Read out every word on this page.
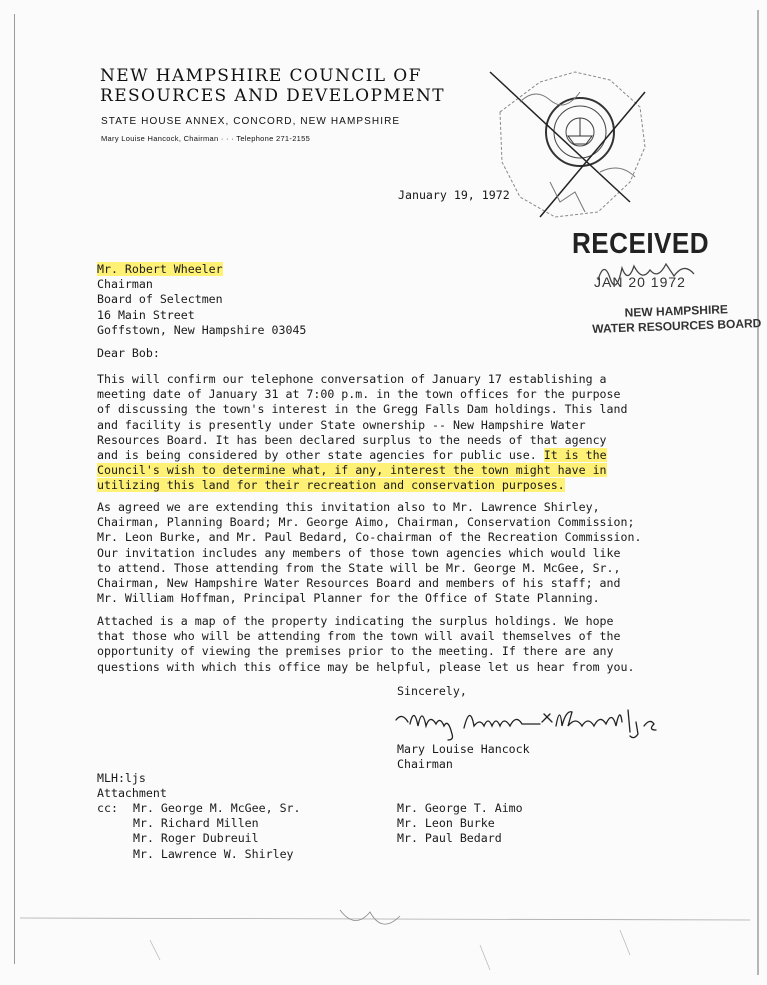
NEW HAMPSHIRE COUNCIL OF
RESOURCES AND DEVELOPMENT
STATE HOUSE ANNEX, CONCORD, NEW HAMPSHIRE
Mary Louise Hancock, Chairman · · · Telephone 271-2155
January 19, 1972
RECEIVED
JAN 20 1972
NEW HAMPSHIRE
WATER RESOURCES BOARD
Mr. Robert Wheeler
Chairman
Board of Selectmen
16 Main Street
Goffstown, New Hampshire 03045
Dear Bob:
This will confirm our telephone conversation of January 17 establishing a
meeting date of January 31 at 7:00 p.m. in the town offices for the purpose
of discussing the town's interest in the Gregg Falls Dam holdings. This land
and facility is presently under State ownership -- New Hampshire Water
Resources Board. It has been declared surplus to the needs of that agency
and is being considered by other state agencies for public use. It is the
Council's wish to determine what, if any, interest the town might have in
utilizing this land for their recreation and conservation purposes.
As agreed we are extending this invitation also to Mr. Lawrence Shirley,
Chairman, Planning Board; Mr. George Aimo, Chairman, Conservation Commission;
Mr. Leon Burke, and Mr. Paul Bedard, Co-chairman of the Recreation Commission.
Our invitation includes any members of those town agencies which would like
to attend. Those attending from the State will be Mr. George M. McGee, Sr.,
Chairman, New Hampshire Water Resources Board and members of his staff; and
Mr. William Hoffman, Principal Planner for the Office of State Planning.
Attached is a map of the property indicating the surplus holdings. We hope
that those who will be attending from the town will avail themselves of the
opportunity of viewing the premises prior to the meeting. If there are any
questions with which this office may be helpful, please let us hear from you.
Sincerely,
Mary Louise Hancock
Chairman
MLH:ljs
Attachment
cc: Mr. George M. McGee, Sr.
Mr. Richard Millen
Mr. Roger Dubreuil
Mr. Lawrence W. Shirley
Mr. George T. Aimo
Mr. Leon Burke
Mr. Paul Bedard
